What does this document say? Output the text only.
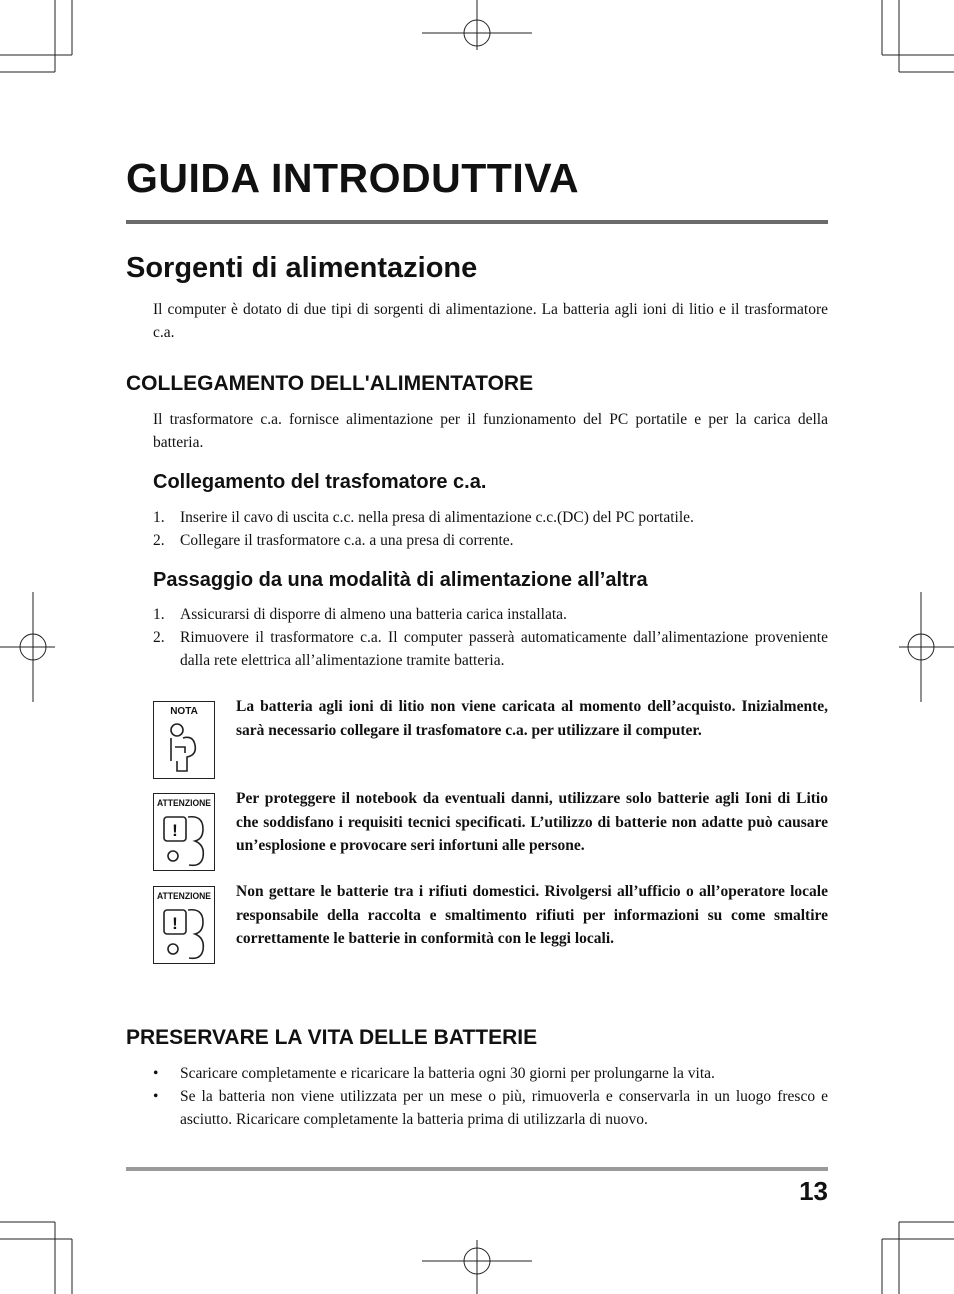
GUIDA INTRODUTTIVA
Sorgenti di alimentazione

Il computer è dotato di due tipi di sorgenti di alimentazione. La batteria agli ioni di litio e il trasformatore c.a.

COLLEGAMENTO DELL'ALIMENTATORE

Il trasformatore c.a. fornisce alimentazione per il funzionamento del PC portatile e per la carica della batteria.

Collegamento del trasfomatore c.a.
1. Inserire il cavo di uscita c.c. nella presa di alimentazione c.c.(DC) del PC portatile.
2. Collegare il trasformatore c.a. a una presa di corrente.
Passaggio da una modalità di alimentazione all’altra
1. Assicurarsi di disporre di almeno una batteria carica installata.
2. Rimuovere il trasformatore c.a. Il computer passerà automaticamente dall’alimentazione proveniente dalla rete elettrica all’alimentazione tramite batteria.
NOTA La batteria agli ioni di litio non viene caricata al momento dell’acquisto. Inizialmente, sarà necessario collegare il trasfomatore c.a. per utilizzare il computer.

ATTENZIONE
!

Per proteggere il notebook da eventuali danni, utilizzare solo batterie agli Ioni di Litio che soddisfano i requisiti tecnici specificati. L’utilizzo di batterie non adatte può causare un’esplosione e provocare seri infortuni alle persone.

ATTENZIONE
!

Non gettare le batterie tra i rifiuti domestici. Rivolgersi all’ufficio o all’operatore locale responsabile della raccolta e smaltimento rifiuti per informazioni su come smaltire correttamente le batterie in conformità con le leggi locali.

PRESERVARE LA VITA DELLE BATTERIE
• Scaricare completamente e ricaricare la batteria ogni 30 giorni per prolungarne la vita.
• Se la batteria non viene utilizzata per un mese o più, rimuoverla e conservarla in un luogo fresco e asciutto. Ricaricare completamente la batteria prima di utilizzarla di nuovo.
13
